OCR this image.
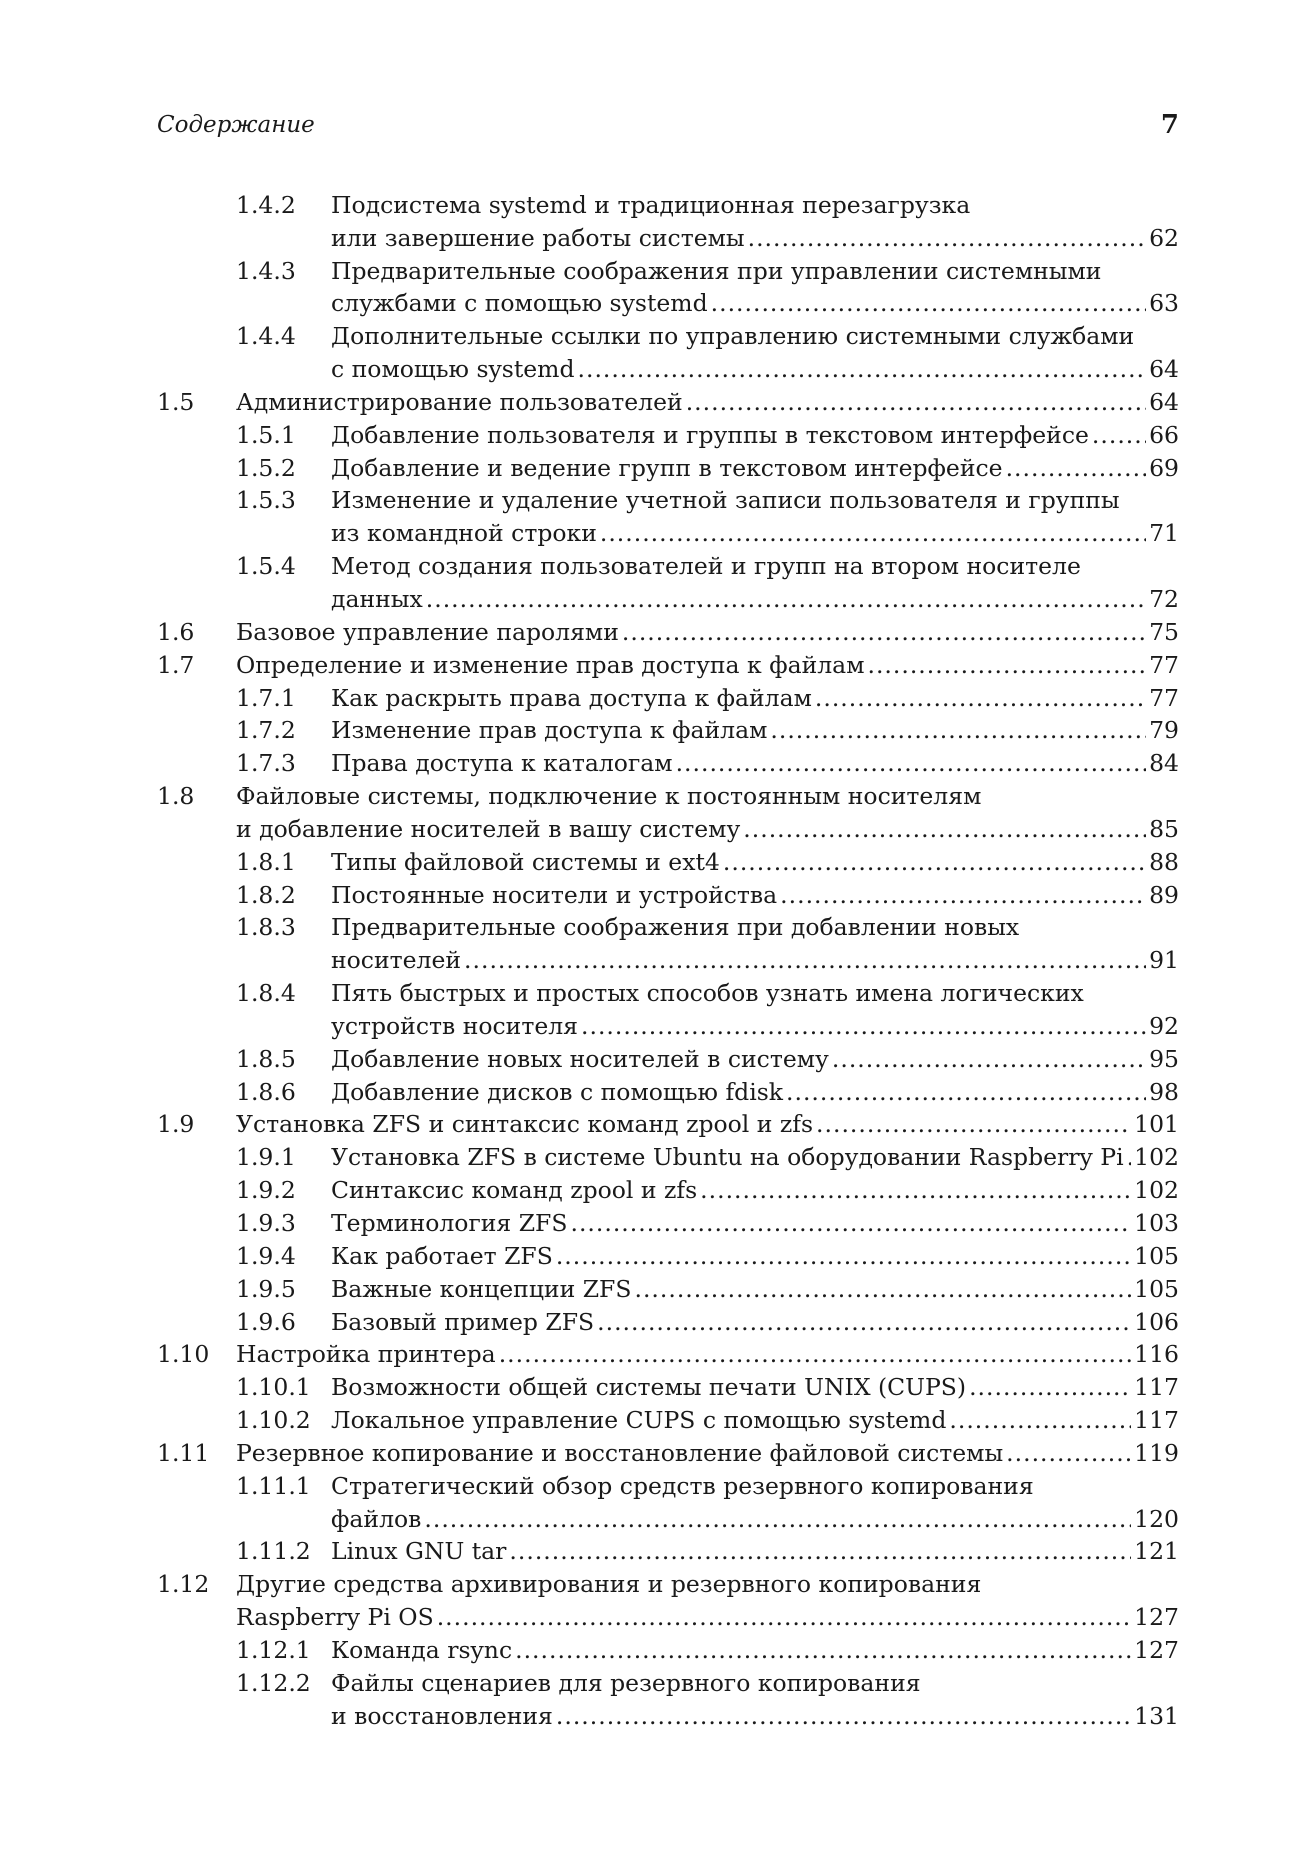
Содержание	7
1.4.2 Подсистема systemd и традиционная перезагрузка
или завершение работы системы .....	62
1.4.3 Предварительные соображения при управлении системными
службами с помощью systemd .....	63
1.4.4 Дополнительные ссылки по управлению системными службами
с помощью systemd .....	64
1.5 Администрирование пользователей .....	64
1.5.1 Добавление пользователя и группы в текстовом интерфейсе .....	66
1.5.2 Добавление и ведение групп в текстовом интерфейсе .....	69
1.5.3 Изменение и удаление учетной записи пользователя и группы
из командной строки .....	71
1.5.4 Метод создания пользователей и групп на втором носителе
данных .....	72
1.6 Базовое управление паролями .....	75
1.7 Определение и изменение прав доступа к файлам .....	77
1.7.1 Как раскрыть права доступа к файлам .....	77
1.7.2 Изменение прав доступа к файлам .....	79
1.7.3 Права доступа к каталогам .....	84
1.8 Файловые системы, подключение к постоянным носителям
и добавление носителей в вашу систему .....	85
1.8.1 Типы файловой системы и ext4 .....	88
1.8.2 Постоянные носители и устройства .....	89
1.8.3 Предварительные соображения при добавлении новых
носителей .....	91
1.8.4 Пять быстрых и простых способов узнать имена логических
устройств носителя .....	92
1.8.5 Добавление новых носителей в систему .....	95
1.8.6 Добавление дисков с помощью fdisk .....	98
1.9 Установка ZFS и синтаксис команд zpool и zfs .....	101
1.9.1 Установка ZFS в системе Ubuntu на оборудовании Raspberry Pi ..... 102
1.9.2 Синтаксис команд zpool и zfs .....	102
1.9.3 Терминология ZFS .....	103
1.9.4 Как работает ZFS .....	105
1.9.5 Важные концепции ZFS .....	105
1.9.6 Базовый пример ZFS .....	106
1.10 Настройка принтера .....	116
1.10.1 Возможности общей системы печати UNIX (CUPS) .....	117
1.10.2 Локальное управление CUPS с помощью systemd .....	117
1.11 Резервное копирование и восстановление файловой системы .....	119
1.11.1 Стратегический обзор средств резервного копирования
файлов .....	120
1.11.2 Linux GNU tar .....	121
1.12 Другие средства архивирования и резервного копирования
Raspberry Pi OS .....	127
1.12.1 Команда rsync .....	127
1.12.2 Файлы сценариев для резервного копирования
и восстановления .....	131
